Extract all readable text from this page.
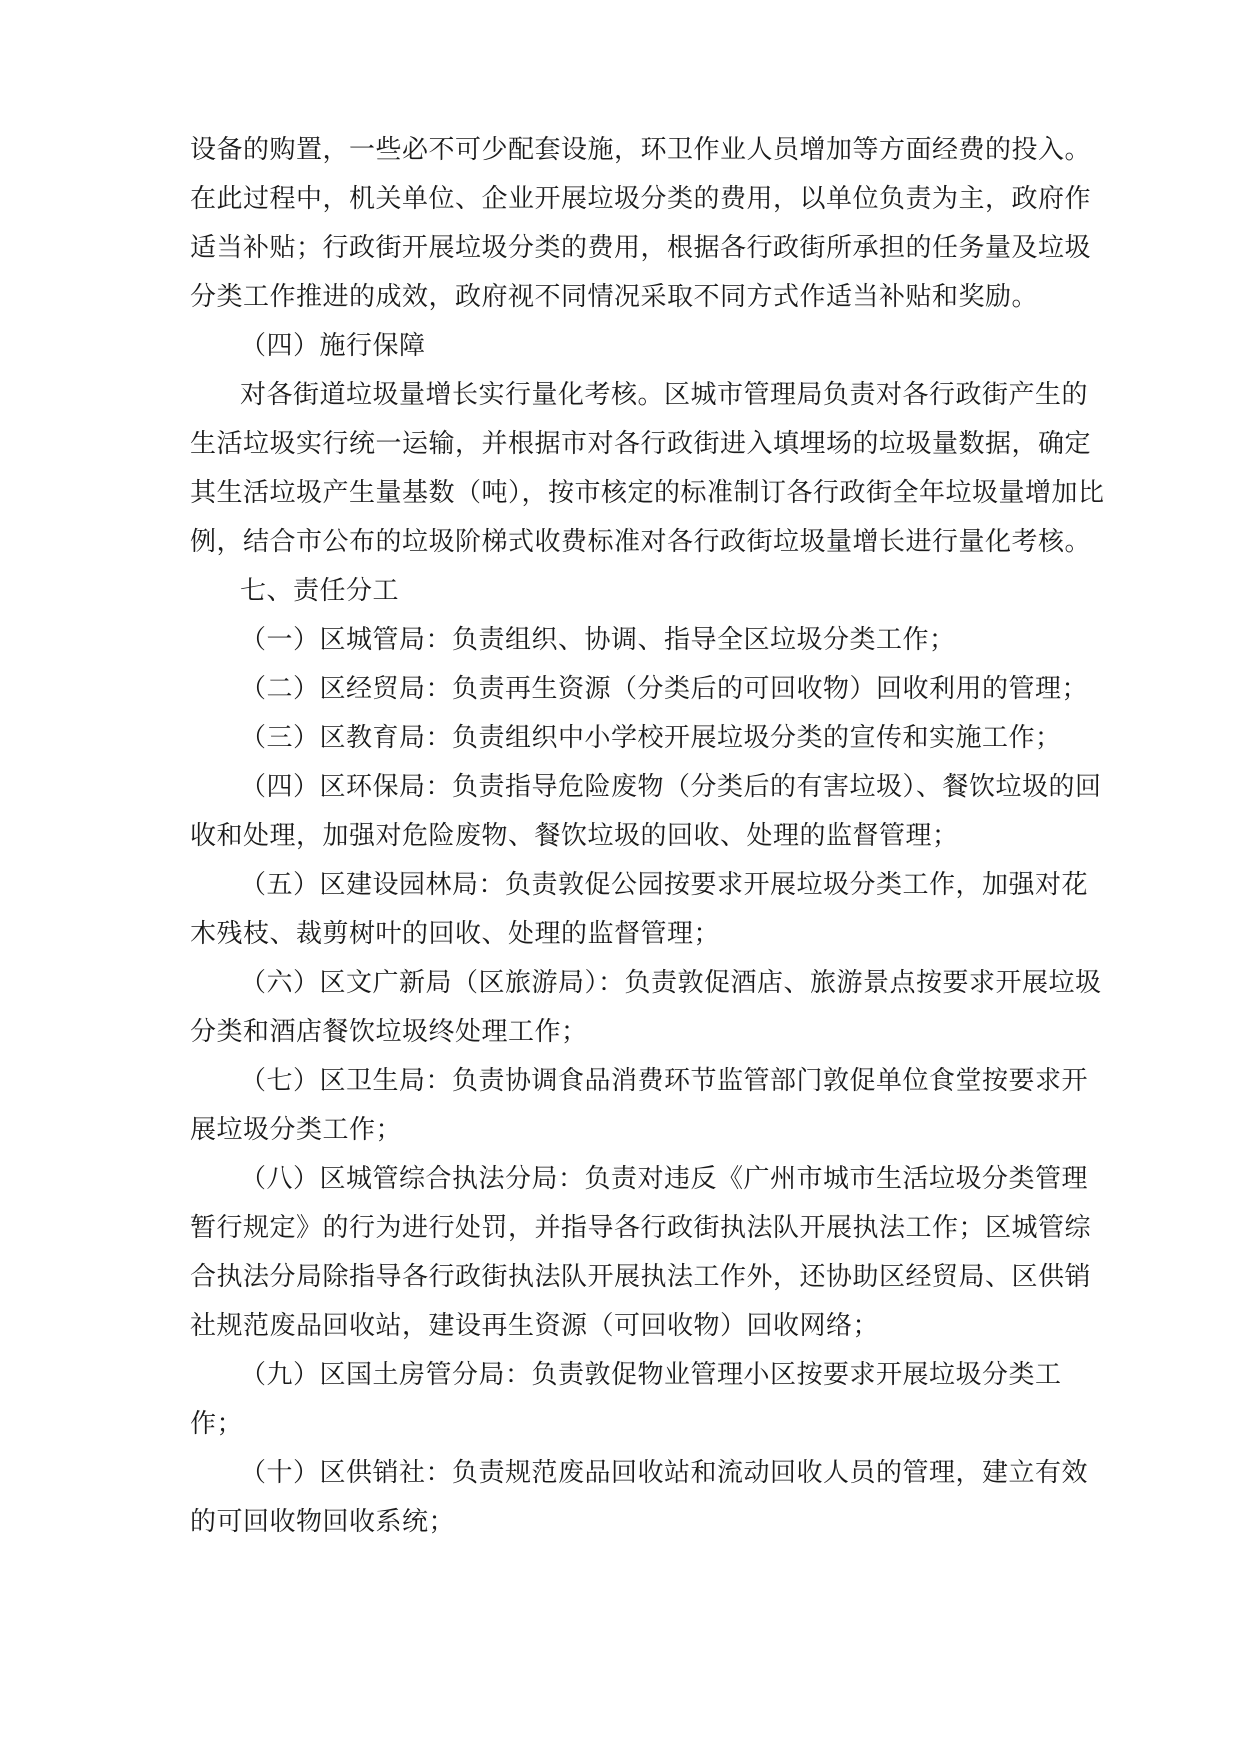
设备的购置，一些必不可少配套设施，环卫作业人员增加等方面经费的投入。
在此过程中，机关单位、企业开展垃圾分类的费用，以单位负责为主，政府作
适当补贴；行政街开展垃圾分类的费用，根据各行政街所承担的任务量及垃圾
分类工作推进的成效，政府视不同情况采取不同方式作适当补贴和奖励。
（四）施行保障
对各街道垃圾量增长实行量化考核。区城市管理局负责对各行政街产生的
生活垃圾实行统一运输，并根据市对各行政街进入填埋场的垃圾量数据，确定
其生活垃圾产生量基数（吨），按市核定的标准制订各行政街全年垃圾量增加比
例，结合市公布的垃圾阶梯式收费标准对各行政街垃圾量增长进行量化考核。
七、责任分工
（一）区城管局：负责组织、协调、指导全区垃圾分类工作；
（二）区经贸局：负责再生资源（分类后的可回收物）回收利用的管理；
（三）区教育局：负责组织中小学校开展垃圾分类的宣传和实施工作；
（四）区环保局：负责指导危险废物（分类后的有害垃圾）、餐饮垃圾的回
收和处理，加强对危险废物、餐饮垃圾的回收、处理的监督管理；
（五）区建设园林局：负责敦促公园按要求开展垃圾分类工作，加强对花
木残枝、裁剪树叶的回收、处理的监督管理；
（六）区文广新局（区旅游局）：负责敦促酒店、旅游景点按要求开展垃圾
分类和酒店餐饮垃圾终处理工作；
（七）区卫生局：负责协调食品消费环节监管部门敦促单位食堂按要求开
展垃圾分类工作；
（八）区城管综合执法分局：负责对违反《广州市城市生活垃圾分类管理
暂行规定》的行为进行处罚，并指导各行政街执法队开展执法工作；区城管综
合执法分局除指导各行政街执法队开展执法工作外，还协助区经贸局、区供销
社规范废品回收站，建设再生资源（可回收物）回收网络；
（九）区国土房管分局：负责敦促物业管理小区按要求开展垃圾分类工
作；
（十）区供销社：负责规范废品回收站和流动回收人员的管理，建立有效
的可回收物回收系统；
